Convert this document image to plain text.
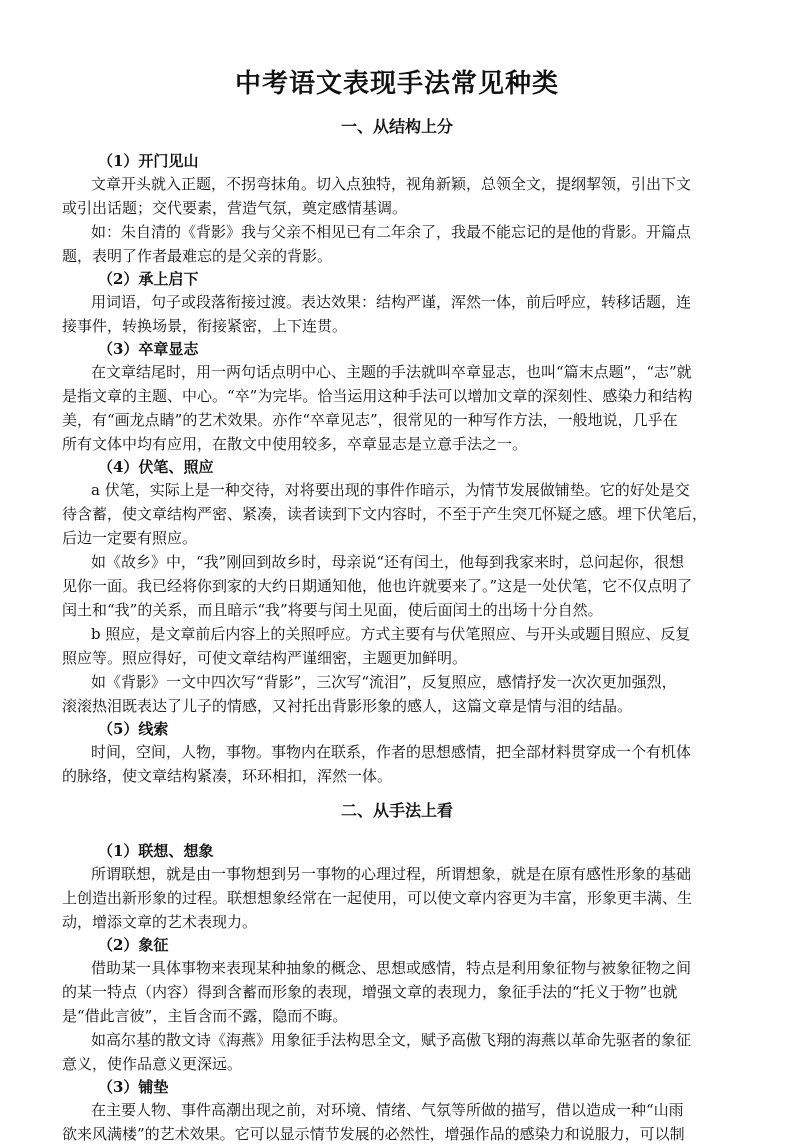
中考语文表现手法常见种类
一、从结构上分
（1）开门见山
文章开头就入正题，不拐弯抹角。切入点独特，视角新颖，总领全文，提纲挈领，引出下文
或引出话题；交代要素，营造气氛，奠定感情基调。
如：朱自清的《背影》我与父亲不相见已有二年余了，我最不能忘记的是他的背影。开篇点
题，表明了作者最难忘的是父亲的背影。
（2）承上启下
用词语，句子或段落衔接过渡。表达效果：结构严谨，浑然一体，前后呼应，转移话题，连
接事件，转换场景，衔接紧密，上下连贯。
（3）卒章显志
在文章结尾时，用一两句话点明中心、主题的手法就叫卒章显志，也叫“篇末点题”，“志”就
是指文章的主题、中心。“卒”为完毕。恰当运用这种手法可以增加文章的深刻性、感染力和结构
美，有“画龙点睛”的艺术效果。亦作“卒章见志”，很常见的一种写作方法，一般地说，几乎在
所有文体中均有应用，在散文中使用较多，卒章显志是立意手法之一。
（4）伏笔、照应
a 伏笔，实际上是一种交待，对将要出现的事件作暗示，为情节发展做铺垫。它的好处是交
待含蓄，使文章结构严密、紧凑，读者读到下文内容时，不至于产生突兀怀疑之感。埋下伏笔后，
后边一定要有照应。
如《故乡》中，“我”刚回到故乡时，母亲说“还有闰土，他每到我家来时，总问起你，很想
见你一面。我已经将你到家的大约日期通知他，他也许就要来了。”这是一处伏笔，它不仅点明了
闰土和“我”的关系，而且暗示“我”将要与闰土见面，使后面闰土的出场十分自然。
b 照应，是文章前后内容上的关照呼应。方式主要有与伏笔照应、与开头或题目照应、反复
照应等。照应得好，可使文章结构严谨细密，主题更加鲜明。
如《背影》一文中四次写“背影”，三次写“流泪”，反复照应，感情抒发一次次更加强烈，
滚滚热泪既表达了儿子的情感，又衬托出背影形象的感人，这篇文章是情与泪的结晶。
（5）线索
时间，空间，人物，事物。事物内在联系，作者的思想感情，把全部材料贯穿成一个有机体
的脉络，使文章结构紧凑，环环相扣，浑然一体。
二、从手法上看
（1）联想、想象
所谓联想，就是由一事物想到另一事物的心理过程，所谓想象，就是在原有感性形象的基础
上创造出新形象的过程。联想想象经常在一起使用，可以使文章内容更为丰富，形象更丰满、生
动，增添文章的艺术表现力。
（2）象征
借助某一具体事物来表现某种抽象的概念、思想或感情，特点是利用象征物与被象征物之间
的某一特点（内容）得到含蓄而形象的表现，增强文章的表现力，象征手法的“托义于物”也就
是“借此言彼”，主旨含而不露，隐而不晦。
如高尔基的散文诗《海燕》用象征手法构思全文，赋予高傲飞翔的海燕以革命先驱者的象征
意义，使作品意义更深远。
（3）铺垫
在主要人物、事件高潮出现之前，对环境、情绪、气氛等所做的描写，借以造成一种“山雨
欲来风满楼”的艺术效果。它可以显示情节发展的必然性，增强作品的感染力和说服力，可以制
